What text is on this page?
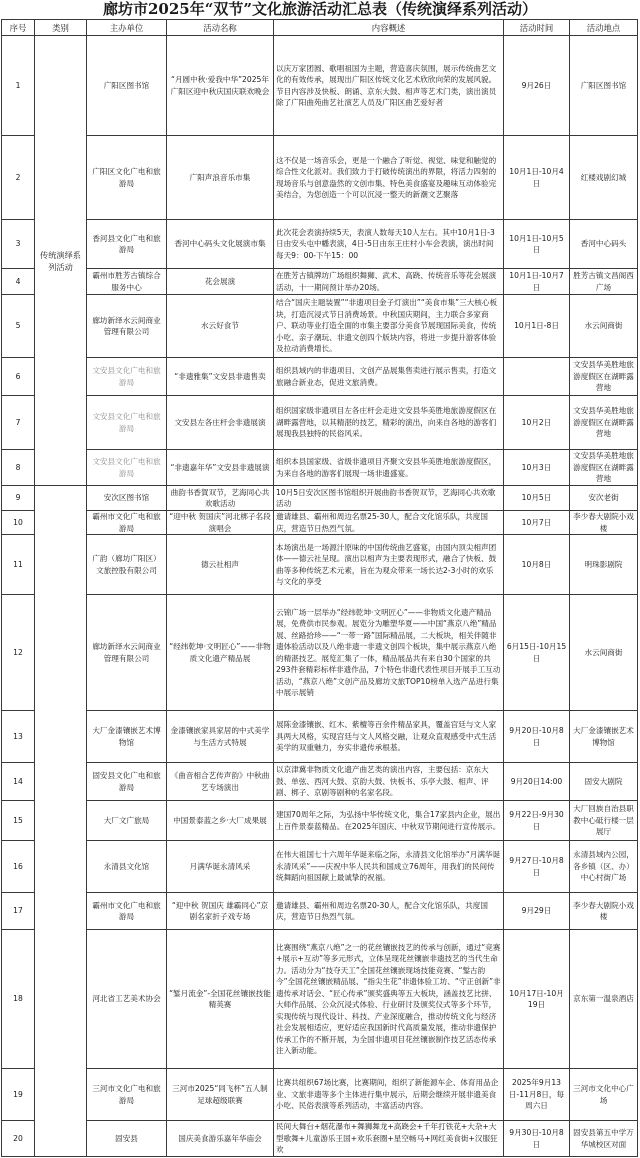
廊坊市2025年“双节”文化旅游活动汇总表（传统演绎系列活动）
序号	类别	主办单位	活动名称	内容概述	活动时间	活动地点
1	传统演绎系列活动	广阳区图书馆	“月圆中秋·爱我中华”2025年广阳区迎中秋庆国庆联欢晚会	以庆万家团圆、歌唱祖国为主题，营造喜庆氛围，展示传统曲艺文化的有效传承，展现出广阳区传统文化艺术欣欣向荣的发展风貌。节目内容涉及快板、朗诵、京东大鼓、相声等艺术门类，演出演员除了广阳曲苑曲艺社演艺人员及广阳区曲艺爱好者	9月26日	广阳区图书馆
2		广阳区文化广电和旅游局	广阳声浪音乐市集	这不仅是一场音乐会，更是一个融合了听觉、视觉、味觉和触觉的综合性文化派对。我们致力于打破传统演出的界限，将活力四射的现场音乐与创意盎然的文创市集、特色美食盛宴及趣味互动体验完美结合，为您创造一个可以沉浸一整天的新潮文艺聚落	10月1日-10月4日	红楼戏剧幻城
3		香河县文化广电和旅游局	香河中心码头文化展演市集	此次花会表演持续5天，表演人数每天10人左右。其中10月1日-3日由安头屯中幡表演，4日-5日由东王庄村小车会表演，演出时间每天9：00-下午15：00	10月1日-10月5日	香河中心码头
4		霸州市胜芳古镇综合服务中心	花会展演	在胜芳古镇牌坊广场组织舞狮、武术、高跷、传统音乐等花会展演活动，十一期间预计举办20场。	10月1日-10月7日	胜芳古镇文昌阁西广场
5		廊坊新绎水云间商业管理有限公司	水云好食节	结合“国庆主题装置”“非遗项目金子灯演出”“美食市集”三大核心板块，打造沉浸式节日消费场景。中秋国庆期间，主力联合多家商户、联动等业打造全面的市集主要部分美食节展现国际美食，传统小吃、亲子潮玩、非遗文创四个版块内容，将进一步提升游客体验及拉动消费增长。	10月1日-8日	水云间商街
6		文安县文化广电和旅游局	“非遗雅集”文安县非遗售卖	组织县域内的非遗项目、文创产品展集售卖进行展示售卖，打造文旅融合新业态，促进文旅消费。		文安县华美胜地旅游度假区在湖畔露营地
7		文安县文化广电和旅游局	文安县左各庄杆会非遗展演	组织国家级非遗项目左各庄杆会走进文安县华美胜地旅游度假区在湖畔露营地，以其精湛的技艺，精彩的演出，向来自各地的游客们展现我县独特的民俗风采。	10月2日	文安县华美胜地旅游度假区在湖畔露营地
8		文安县文化广电和旅游局	“非遗嘉年华”文安县非遗展演	组织本县国家级、省级非遗项目齐聚文安县华美胜地旅游度假区，为来自各地的游客们展现一场非遗盛宴。	10月3日	文安县华美胜地旅游度假区在湖畔露营地
9		安次区图书馆	曲韵书香賀双节，艺海同心共欢歌活动	10月5日安次区图书馆组织开展曲韵书香贺双节，艺海同心共欢歌活动	10月5日	安次老街
10		霸州市文化广电和旅游局	“迎中秋 贺国庆”河北梆子名段演唱会	邀请雄县、霸州和周边名票25-30人，配合文化馆乐队，共度国庆，营造节日热烈气氛。	10月7日	李少春大剧院小戏楼
11		广韵（廊坊广阳区）文旅控股有限公司	德云社相声	本场演出是一场源汁原味的中国传统曲艺盛宴，由国内顶尖相声团体——德云社呈现。演出以相声为主要表现形式，融合了快板、鼓曲等多种传统艺术元素，旨在为观众带来一场长达2-3小时的欢乐与文化的享受	10月8日	明珠影剧院
12		廊坊新绎水云间商业管理有限公司	“经纬乾坤·文明匠心”——非物质文化遗产精品展	云锦广场一层举办“经纬乾坤·文明匠心”——非物质文化遗产精品展，免费供市民参观。展览分为雕塑华夏——中国“燕京八绝”精品展、丝路拾珍——“一带一路”国际精品展，二大板块，相关伴随非遗体验活动以及八绝非遗一非遗文创四个板块，集中展示燕京八绝的精湛技艺。展览汇集了一体，精品展品共有来自30个国家的共293件套精彩标样非遗作品，7个特色非遗代表性项目开展手工互动活动，“燕京八绝”文创产品及廊坊文旅TOP10榜单入选产品进行集中展示展销	6月15日-10月15日	水云间商街
13		大厂金漆镶嵌艺术博物馆	金漆镶嵌家具家居的中式美学与生活方式特展	展陈金漆镶嵌、红木、紫檀等百余件精品家具，覆盖宫廷与文人家具两大风格，实现宫廷与文人风格交融，让观众直观感受中式生活美学的双重魅力，夯实非遗传承根基。	9月20日-10月8日	大厂金漆镶嵌艺术博物馆
14		固安县文化广电和旅游局	《曲音相合艺传声韵》中秋曲艺专场演出	以京津冀非物质文化遗产曲艺类的演出内容，主要包括：京东大鼓、单弦、西河大鼓、京韵大鼓、快板书、乐亭大鼓、相声、评剧、梆子、京剧等剧种的名家名段。	9月20日14:00	固安大剧院
15		大厂文广旅局	中国景泰蓝之乡·大厂成果展	建国70周年之际，为弘扬中华传统文化，集合17家县内企业，展出上百件景泰蓝精品。在2025年国庆、中秋双节期间进行宣传展示。	9月22日-9月30日	大厂回族自治县职教中心砥行楼一层展厅
16		永清县文化馆	月满华诞永清风采	在伟大祖国七十六周年华诞来临之际，永清县文化馆举办“月满华诞 永清风采”——庆祝中华人民共和国成立76周年，用我们的民间传统舞蹈向祖国献上最诚挚的祝福。	9月27日-10月8日	永清县域内公园，各乡镇（区、办）中心村街广场
17		霸州市文化广电和旅游局	“迎中秋 贺国庆 雄霸同心”京剧名家折子戏专场	邀请雄县、霸州和周边名票20-30人，配合文化馆乐队，共度国庆，营造节日热烈气氛。	9月29日	李少春大剧院小戏楼
18		河北省工艺美术协会	“錾月流金”-全国花丝镶嵌技能精英赛	比赛围绕“燕京八绝”之一的花丝镶嵌技艺的传承与创新，通过“竞赛+展示+互动”等多元形式，立体呈现花丝镶嵌非遗技艺的当代生命力。活动分为“技夺天工”全国花丝镶嵌现场技能竞赛、“錾古韵今”全国花丝镶嵌精品展、“指尖生花”非遗体验工坊、“守正创新”非遗传承对话会、“匠心传承”颁奖盛典等五大板块，涵盖技艺比拼、大师作品展、公众沉浸式体验、行业研讨及颁奖仪式等多个环节，实现传统与现代设计、科技、产业深度融合，推动传统文化与经济社会发展相适应，更好适应我国新时代高质量发展，推动非遗保护传承工作的不断开展，为全国非遗项目花丝镶嵌制作技艺活态传承注入新动能。	10月17日-10月19日	京东第一温泉酒店
19		三河市文化广电和旅游局	三河市2025“同飞杯”五人制足球超级联赛	比赛共组织67场比赛，比赛期间，组织了新能源车企、体育用品企业、文旅非遗等多个主体进行集中展示，后期会继续开展非遗美食小吃、民俗表演等系列活动，丰富活动内容。	2025年9月13日-11月8日，每周六日	三河市文化中心广场
20		固安县	国庆美食游乐嘉年华庙会	民间大舞台+烟花瀑布+舞狮舞龙+高跷会+千年打铁花+大杂+大型歌舞+儿童游乐王国+欢乐套圈+星空畅马+网红美食街+汉服狂欢	9月30日-10月8日	固安县第五中学万华城校区对面
